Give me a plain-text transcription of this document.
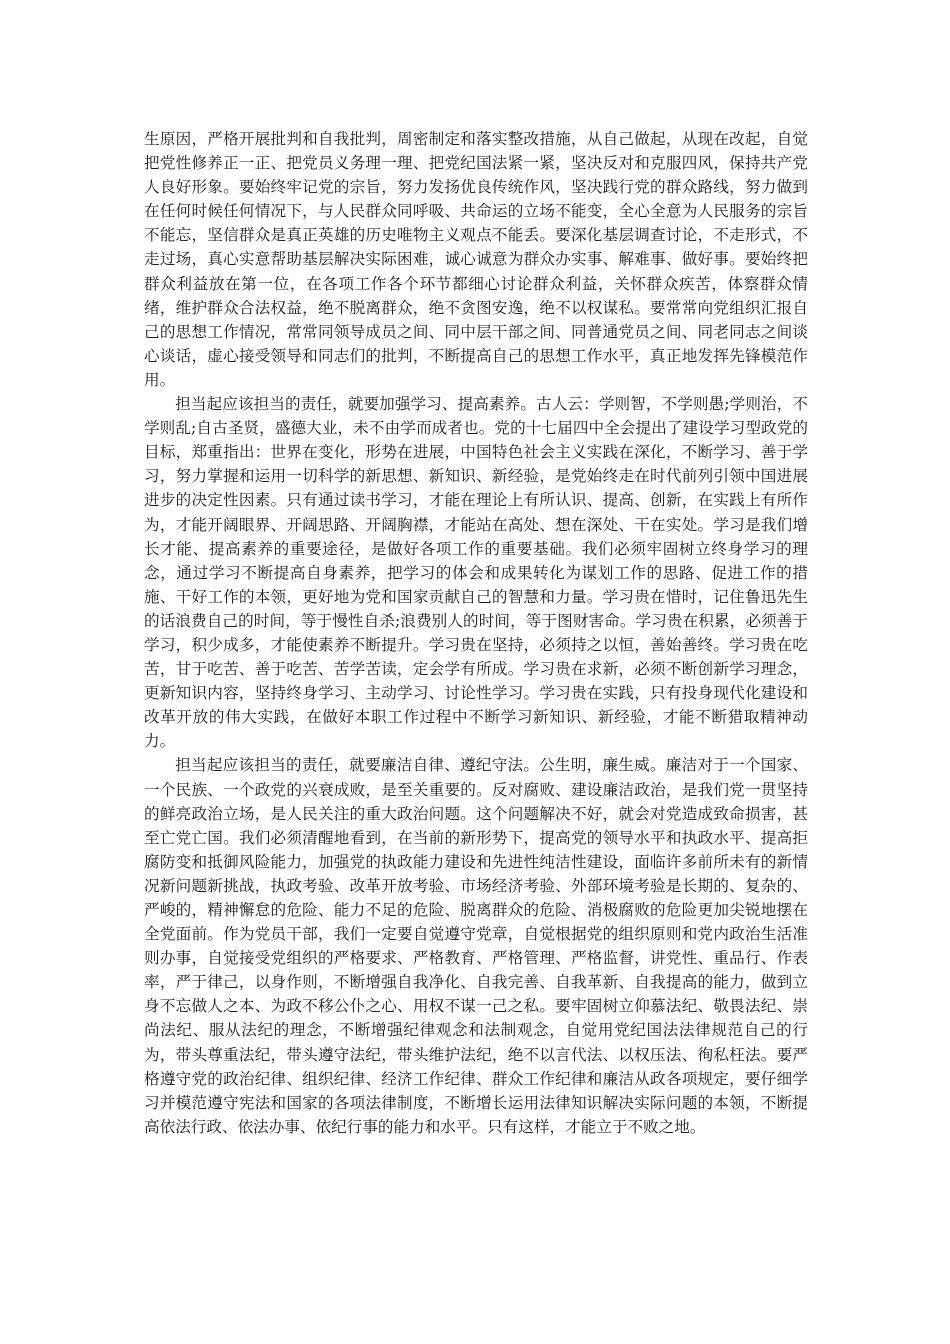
生原因，严格开展批判和自我批判，周密制定和落实整改措施，从自己做起，从现在改起，自觉把党性修养正一正、把党员义务理一理、把党纪国法紧一紧，坚决反对和克服四风，保持共产党人良好形象。要始终牢记党的宗旨，努力发扬优良传统作风，坚决践行党的群众路线，努力做到在任何时候任何情况下，与人民群众同呼吸、共命运的立场不能变，全心全意为人民服务的宗旨不能忘，坚信群众是真正英雄的历史唯物主义观点不能丢。要深化基层调查讨论，不走形式，不走过场，真心实意帮助基层解决实际困难，诚心诚意为群众办实事、解难事、做好事。要始终把群众利益放在第一位，在各项工作各个环节都细心讨论群众利益，关怀群众疾苦，体察群众情绪，维护群众合法权益，绝不脱离群众，绝不贪图安逸，绝不以权谋私。要常常向党组织汇报自己的思想工作情况，常常同领导成员之间、同中层干部之间、同普通党员之间、同老同志之间谈心谈话，虚心接受领导和同志们的批判，不断提高自己的思想工作水平，真正地发挥先锋模范作用。

担当起应该担当的责任，就要加强学习、提高素养。古人云：学则智，不学则愚;学则治，不学则乱;自古圣贤，盛德大业，未不由学而成者也。党的十七届四中全会提出了建设学习型政党的目标，郑重指出：世界在变化，形势在进展，中国特色社会主义实践在深化，不断学习、善于学习，努力掌握和运用一切科学的新思想、新知识、新经验，是党始终走在时代前列引领中国进展进步的决定性因素。只有通过读书学习，才能在理论上有所认识、提高、创新，在实践上有所作为，才能开阔眼界、开阔思路、开阔胸襟，才能站在高处、想在深处、干在实处。学习是我们增长才能、提高素养的重要途径，是做好各项工作的重要基础。我们必须牢固树立终身学习的理念，通过学习不断提高自身素养，把学习的体会和成果转化为谋划工作的思路、促进工作的措施、干好工作的本领，更好地为党和国家贡献自己的智慧和力量。学习贵在惜时，记住鲁迅先生的话浪费自己的时间，等于慢性自杀;浪费别人的时间，等于图财害命。学习贵在积累，必须善于学习，积少成多，才能使素养不断提升。学习贵在坚持，必须持之以恒，善始善终。学习贵在吃苦，甘于吃苦、善于吃苦、苦学苦读，定会学有所成。学习贵在求新，必须不断创新学习理念，更新知识内容，坚持终身学习、主动学习、讨论性学习。学习贵在实践，只有投身现代化建设和改革开放的伟大实践，在做好本职工作过程中不断学习新知识、新经验，才能不断猎取精神动力。

担当起应该担当的责任，就要廉洁自律、遵纪守法。公生明，廉生威。廉洁对于一个国家、一个民族、一个政党的兴衰成败，是至关重要的。反对腐败、建设廉洁政治，是我们党一贯坚持的鲜亮政治立场，是人民关注的重大政治问题。这个问题解决不好，就会对党造成致命损害，甚至亡党亡国。我们必须清醒地看到，在当前的新形势下，提高党的领导水平和执政水平、提高拒腐防变和抵御风险能力，加强党的执政能力建设和先进性纯洁性建设，面临许多前所未有的新情况新问题新挑战，执政考验、改革开放考验、市场经济考验、外部环境考验是长期的、复杂的、严峻的，精神懈怠的危险、能力不足的危险、脱离群众的危险、消极腐败的危险更加尖锐地摆在全党面前。作为党员干部，我们一定要自觉遵守党章，自觉根据党的组织原则和党内政治生活准则办事，自觉接受党组织的严格要求、严格教育、严格管理、严格监督，讲党性、重品行、作表率，严于律己，以身作则，不断增强自我净化、自我完善、自我革新、自我提高的能力，做到立身不忘做人之本、为政不移公仆之心、用权不谋一己之私。要牢固树立仰慕法纪、敬畏法纪、崇尚法纪、服从法纪的理念，不断增强纪律观念和法制观念，自觉用党纪国法法律规范自己的行为，带头尊重法纪，带头遵守法纪，带头维护法纪，绝不以言代法、以权压法、徇私枉法。要严格遵守党的政治纪律、组织纪律、经济工作纪律、群众工作纪律和廉洁从政各项规定，要仔细学习并模范遵守宪法和国家的各项法律制度，不断增长运用法律知识解决实际问题的本领，不断提高依法行政、依法办事、依纪行事的能力和水平。只有这样，才能立于不败之地。
